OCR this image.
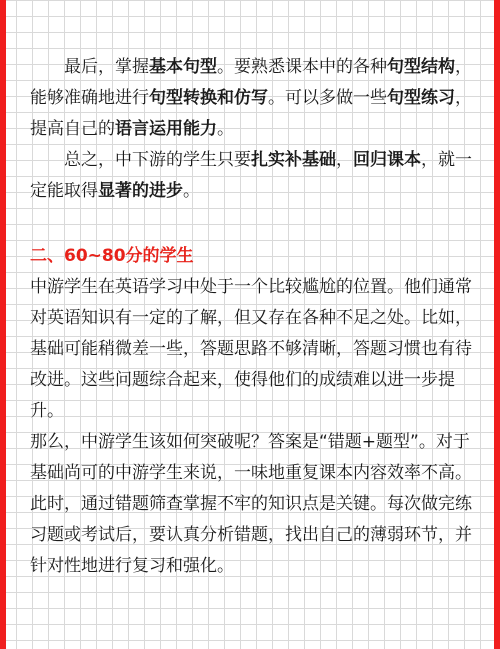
最后，掌握基本句型。要熟悉课本中的各种句型结构，能够准确地进行句型转换和仿写。可以多做一些句型练习，提高自己的语言运用能力。

总之，中下游的学生只要扎实补基础，回归课本，就一定能取得显著的进步。

二、60~80分的学生

中游学生在英语学习中处于一个比较尴尬的位置。他们通常对英语知识有一定的了解，但又存在各种不足之处。比如，基础可能稍微差一些，答题思路不够清晰，答题习惯也有待改进。这些问题综合起来，使得他们的成绩难以进一步提升。

那么，中游学生该如何突破呢？答案是“错题+题型”。对于基础尚可的中游学生来说，一味地重复课本内容效率不高。此时，通过错题筛查掌握不牢的知识点是关键。每次做完练习题或考试后，要认真分析错题，找出自己的薄弱环节，并针对性地进行复习和强化。
